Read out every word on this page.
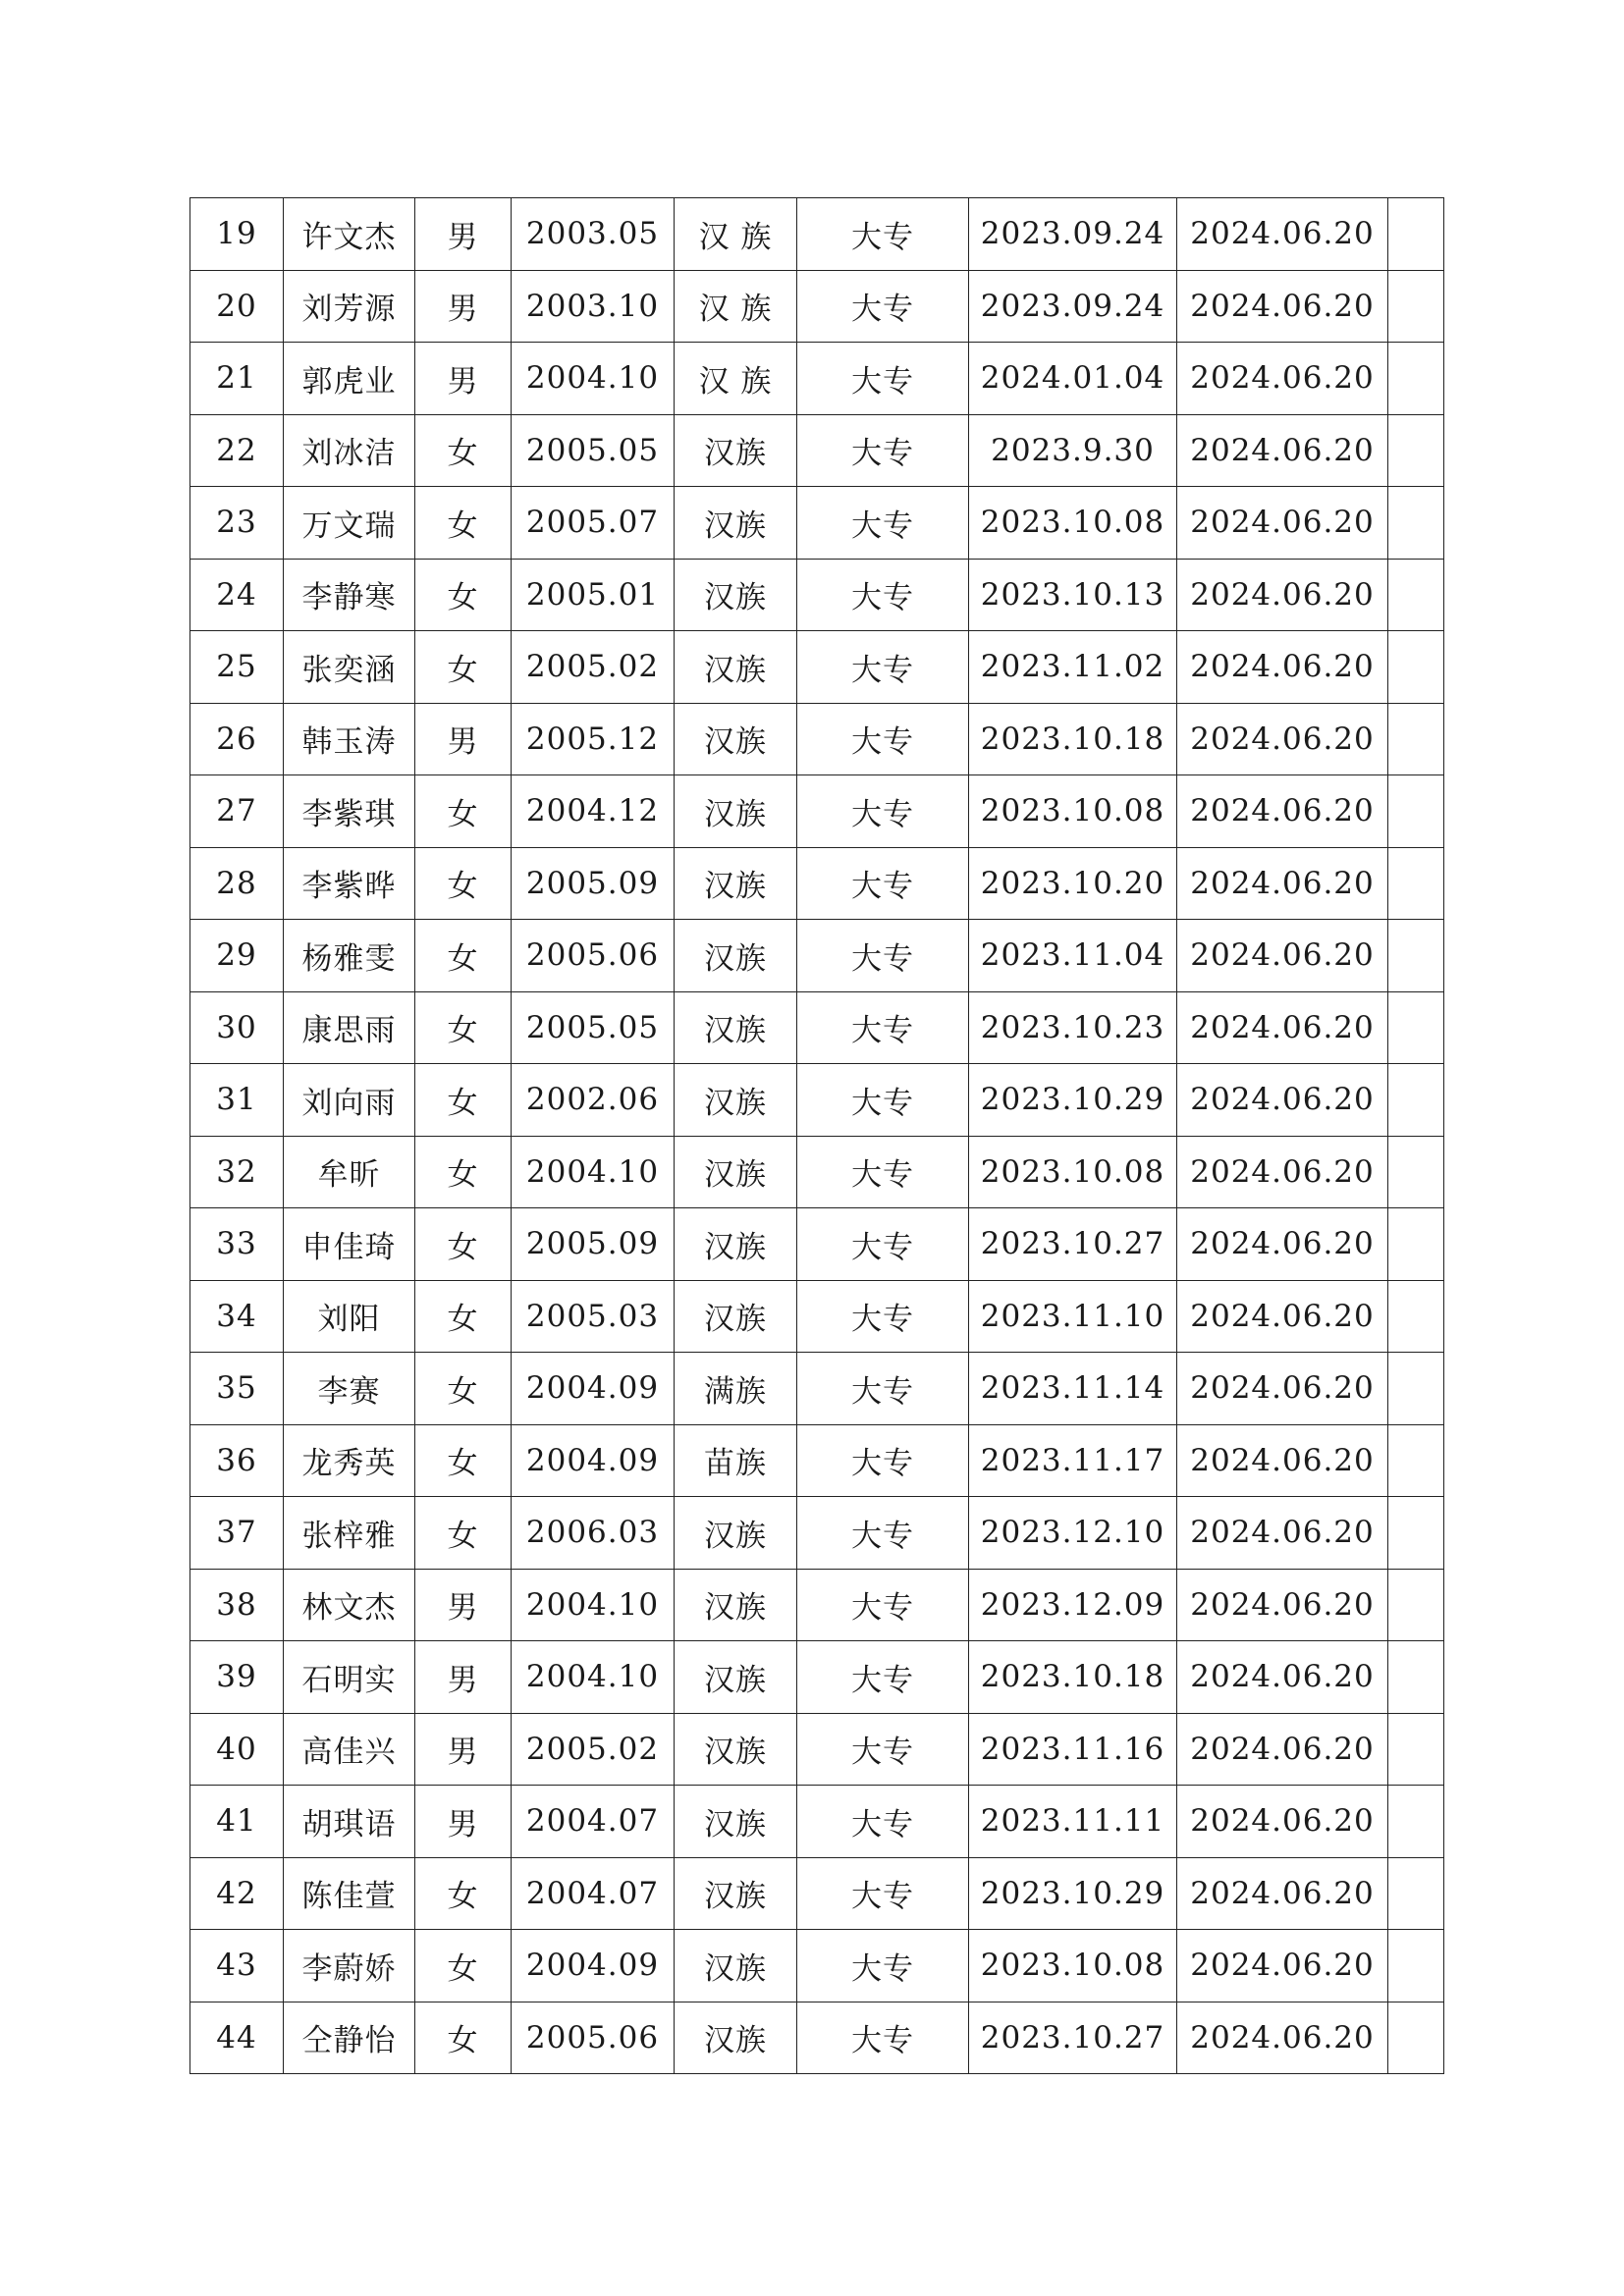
19	许文杰	男	2003.05	汉 族	大专	2023.09.24	2024.06.20	
20	刘芳源	男	2003.10	汉 族	大专	2023.09.24	2024.06.20	
21	郭虎业	男	2004.10	汉 族	大专	2024.01.04	2024.06.20	
22	刘冰洁	女	2005.05	汉族	大专	2023.9.30	2024.06.20	
23	万文瑞	女	2005.07	汉族	大专	2023.10.08	2024.06.20	
24	李静寒	女	2005.01	汉族	大专	2023.10.13	2024.06.20	
25	张奕涵	女	2005.02	汉族	大专	2023.11.02	2024.06.20	
26	韩玉涛	男	2005.12	汉族	大专	2023.10.18	2024.06.20	
27	李紫琪	女	2004.12	汉族	大专	2023.10.08	2024.06.20	
28	李紫晔	女	2005.09	汉族	大专	2023.10.20	2024.06.20	
29	杨雅雯	女	2005.06	汉族	大专	2023.11.04	2024.06.20	
30	康思雨	女	2005.05	汉族	大专	2023.10.23	2024.06.20	
31	刘向雨	女	2002.06	汉族	大专	2023.10.29	2024.06.20	
32	牟昕	女	2004.10	汉族	大专	2023.10.08	2024.06.20	
33	申佳琦	女	2005.09	汉族	大专	2023.10.27	2024.06.20	
34	刘阳	女	2005.03	汉族	大专	2023.11.10	2024.06.20	
35	李赛	女	2004.09	满族	大专	2023.11.14	2024.06.20	
36	龙秀英	女	2004.09	苗族	大专	2023.11.17	2024.06.20	
37	张梓雅	女	2006.03	汉族	大专	2023.12.10	2024.06.20	
38	林文杰	男	2004.10	汉族	大专	2023.12.09	2024.06.20	
39	石明实	男	2004.10	汉族	大专	2023.10.18	2024.06.20	
40	高佳兴	男	2005.02	汉族	大专	2023.11.16	2024.06.20	
41	胡琪语	男	2004.07	汉族	大专	2023.11.11	2024.06.20	
42	陈佳萱	女	2004.07	汉族	大专	2023.10.29	2024.06.20	
43	李蔚娇	女	2004.09	汉族	大专	2023.10.08	2024.06.20	
44	仝静怡	女	2005.06	汉族	大专	2023.10.27	2024.06.20	
